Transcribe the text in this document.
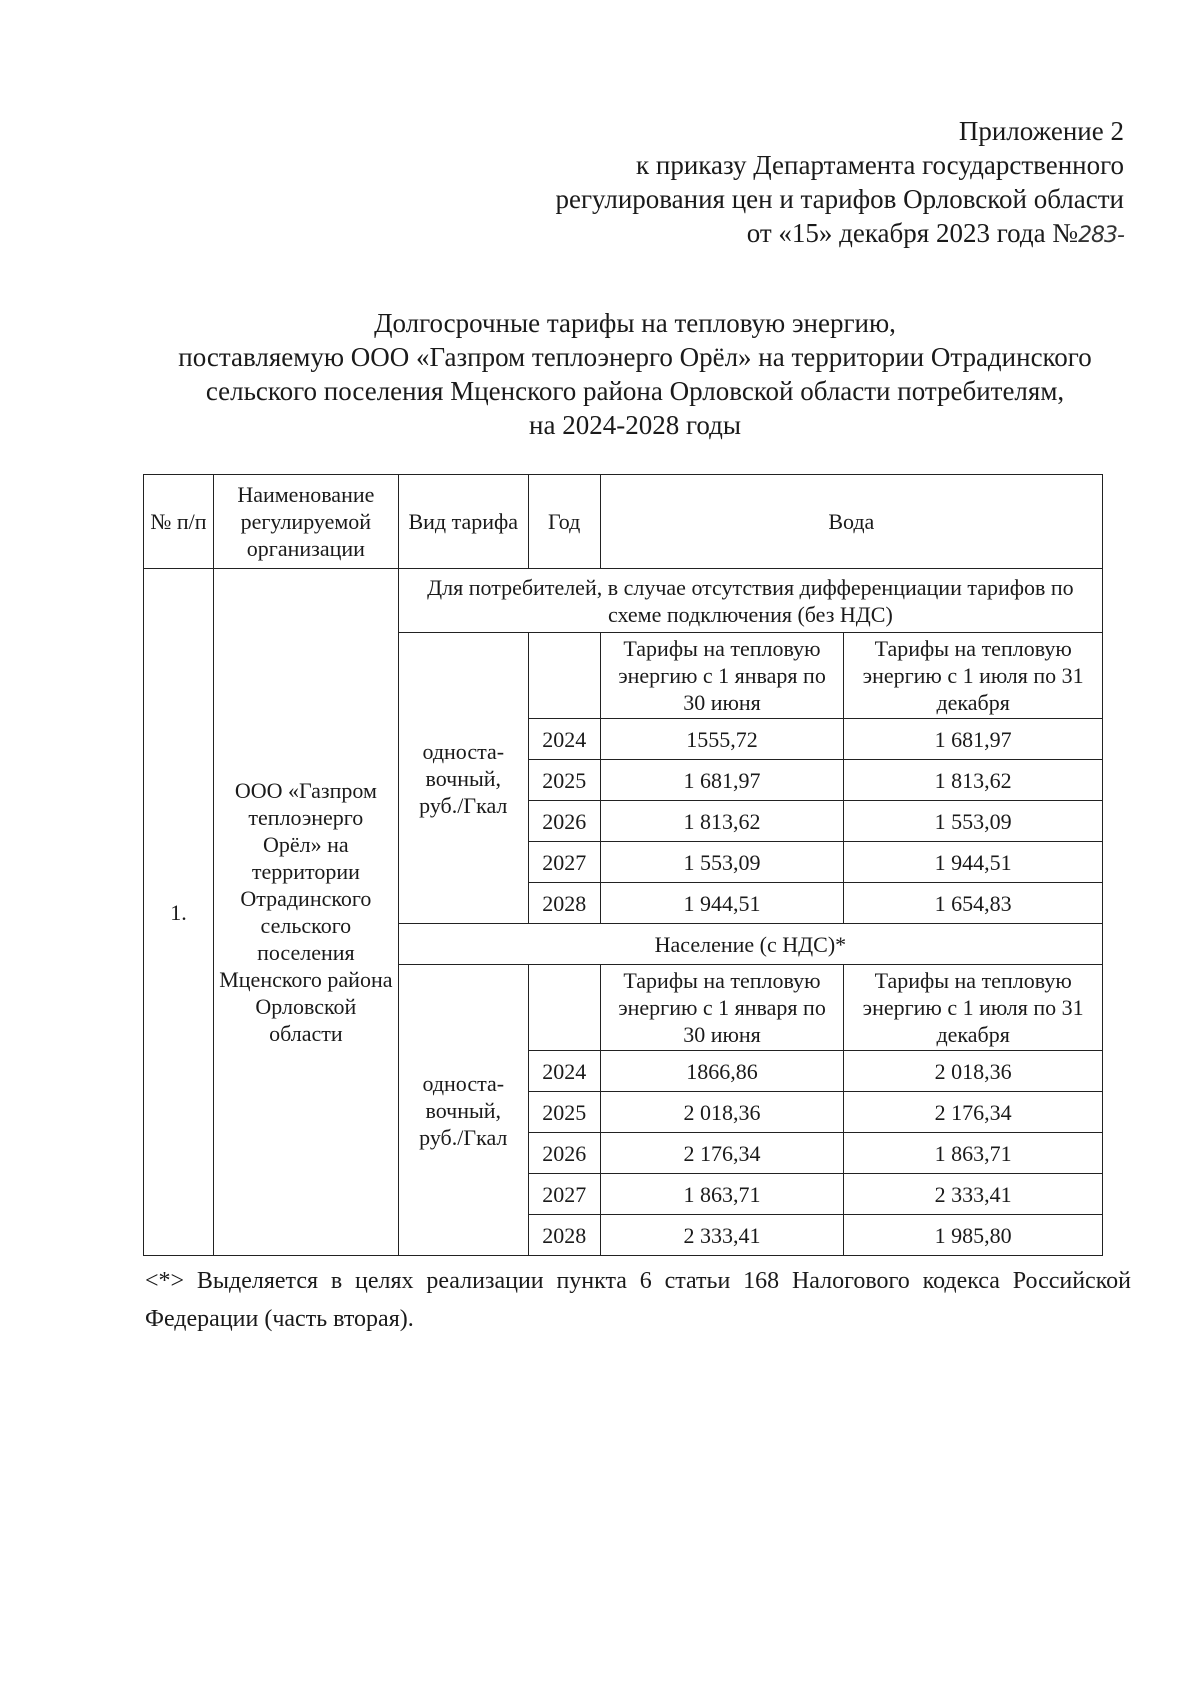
Приложение 2
к приказу Департамента государственного
регулирования цен и тарифов Орловской области
от «15» декабря 2023 года №283-
Долгосрочные тарифы на тепловую энергию,
поставляемую ООО «Газпром теплоэнерго Орёл» на территории Отрадинского
сельского поселения Мценского района Орловской области потребителям,
на 2024-2028 годы
№ п/п	Наименование регулируемой организации	Вид тарифа	Год	Вода	
1.	ООО «Газпром теплоэнерго Орёл» на территории Отрадинского сельского поселения Мценского района Орловской области	Для потребителей, в случае отсутствия дифференциации тарифов по схеме подключения (без НДС)			
		односта-вочный, руб./Гкал		Тарифы на тепловую энергию с 1 января по 30 июня	Тарифы на тепловую энергию с 1 июля по 31 декабря
			2024	1555,72	1 681,97
			2025	1 681,97	1 813,62
			2026	1 813,62	1 553,09
			2027	1 553,09	1 944,51
			2028	1 944,51	1 654,83
		Население (с НДС)*			
		односта-вочный, руб./Гкал		Тарифы на тепловую энергию с 1 января по 30 июня	Тарифы на тепловую энергию с 1 июля по 31 декабря
			2024	1866,86	2 018,36
			2025	2 018,36	2 176,34
			2026	2 176,34	1 863,71
			2027	1 863,71	2 333,41
			2028	2 333,41	1 985,80
<*> Выделяется в целях реализации пункта 6 статьи 168 Налогового кодекса Российской Федерации (часть вторая).
